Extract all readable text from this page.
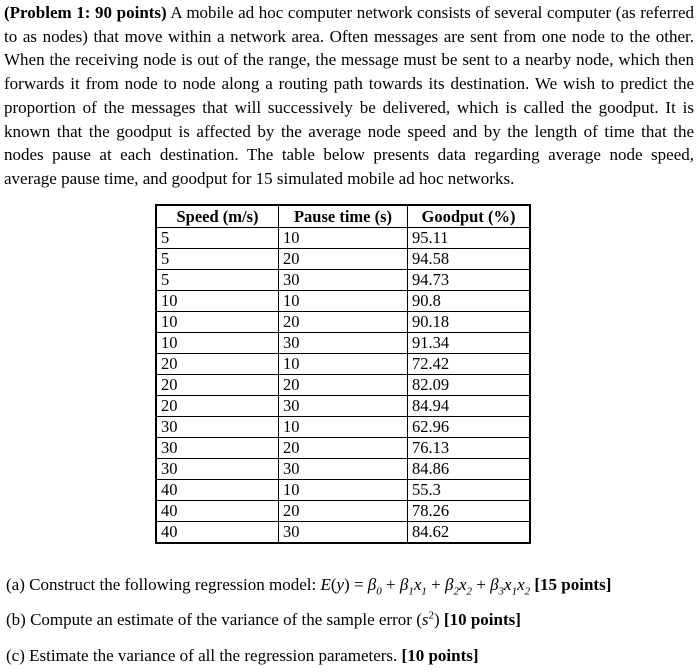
(Problem 1: 90 points) A mobile ad hoc computer network consists of several computer (as referred to as nodes) that move within a network area. Often messages are sent from one node to the other. When the receiving node is out of the range, the message must be sent to a nearby node, which then forwards it from node to node along a routing path towards its destination. We wish to predict the proportion of the messages that will successively be delivered, which is called the goodput. It is known that the goodput is affected by the average node speed and by the length of time that the nodes pause at each destination. The table below presents data regarding average node speed, average pause time, and goodput for 15 simulated mobile ad hoc networks.
Speed (m/s)	Pause time (s)	Goodput (%)
5	10	95.11
5	20	94.58
5	30	94.73
10	10	90.8
10	20	90.18
10	30	91.34
20	10	72.42
20	20	82.09
20	30	84.94
30	10	62.96
30	20	76.13
30	30	84.86
40	10	55.3
40	20	78.26
40	30	84.62
(a) Construct the following regression model: $E(y) = \beta_0 + \beta_1x_1 + \beta_2x_2 + \beta_3x_1x_2$ [15 points]
(b) Compute an estimate of the variance of the sample error $(s^2)$ [10 points]
(c) Estimate the variance of all the regression parameters. [10 points]
